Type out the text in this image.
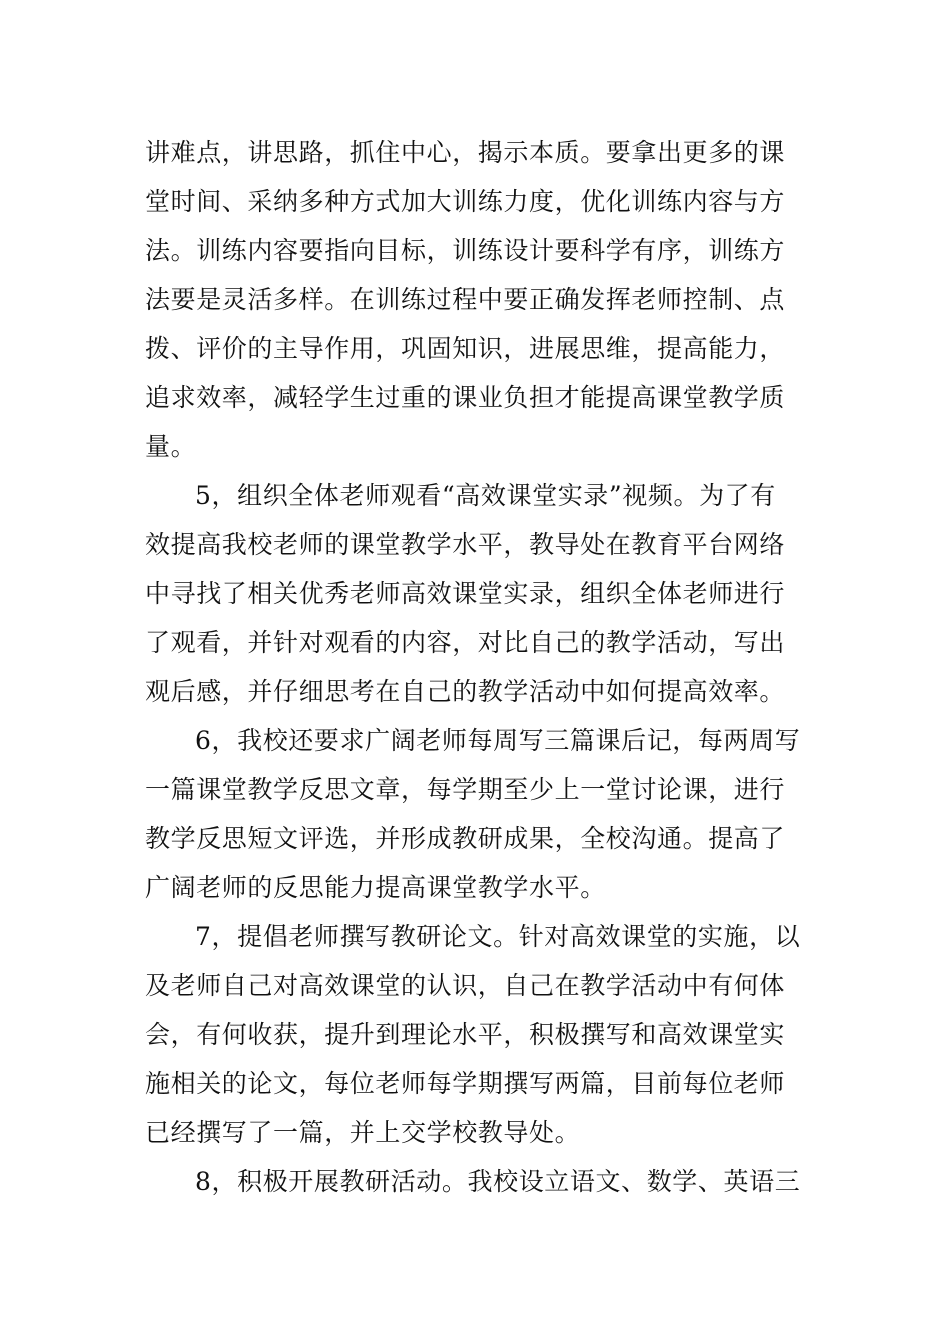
讲难点，讲思路，抓住中心，揭示本质。要拿出更多的课
堂时间、采纳多种方式加大训练力度，优化训练内容与方
法。训练内容要指向目标，训练设计要科学有序，训练方
法要是灵活多样。在训练过程中要正确发挥老师控制、点
拨、评价的主导作用，巩固知识，进展思维，提高能力，
追求效率，减轻学生过重的课业负担才能提高课堂教学质
量。

5，组织全体老师观看“高效课堂实录”视频。为了有
效提高我校老师的课堂教学水平，教导处在教育平台网络
中寻找了相关优秀老师高效课堂实录，组织全体老师进行
了观看，并针对观看的内容，对比自己的教学活动，写出
观后感，并仔细思考在自己的教学活动中如何提高效率。

6，我校还要求广阔老师每周写三篇课后记，每两周写
一篇课堂教学反思文章，每学期至少上一堂讨论课，进行
教学反思短文评选，并形成教研成果，全校沟通。提高了
广阔老师的反思能力提高课堂教学水平。

7，提倡老师撰写教研论文。针对高效课堂的实施，以
及老师自己对高效课堂的认识，自己在教学活动中有何体
会，有何收获，提升到理论水平，积极撰写和高效课堂实
施相关的论文，每位老师每学期撰写两篇，目前每位老师
已经撰写了一篇，并上交学校教导处。

8，积极开展教研活动。我校设立语文、数学、英语三
